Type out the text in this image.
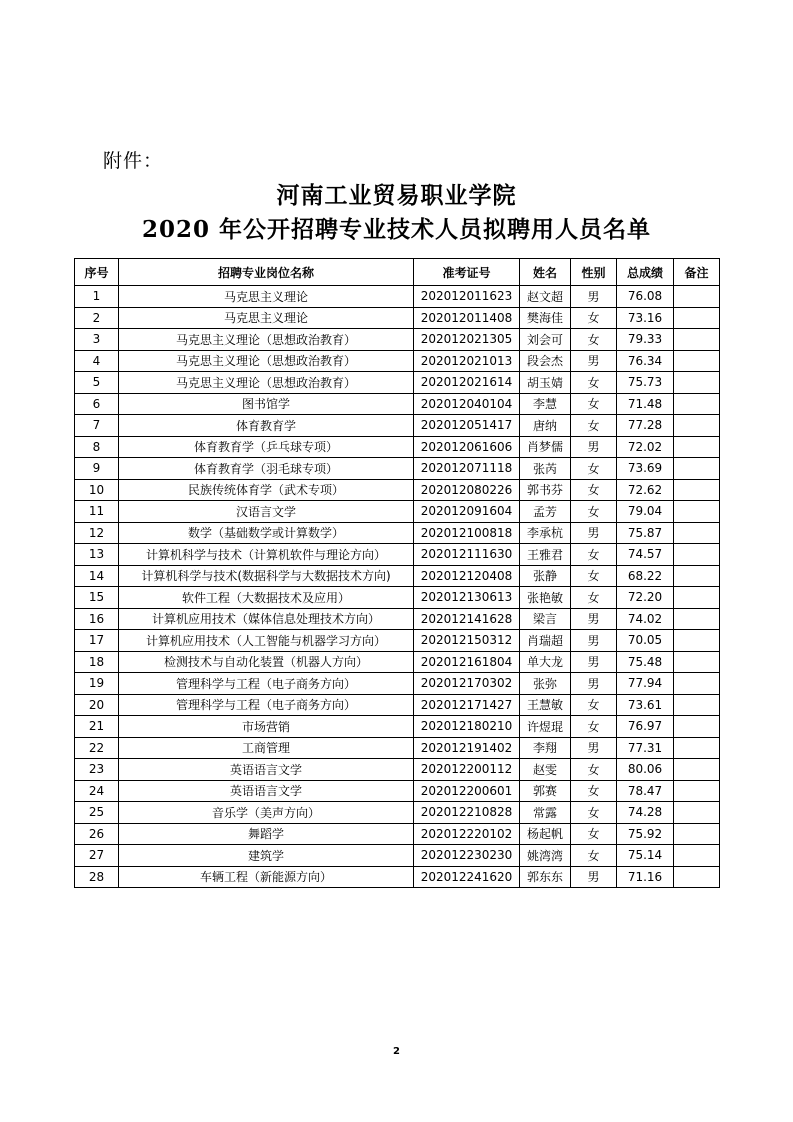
附件：
河南工业贸易职业学院
2020 年公开招聘专业技术人员拟聘用人员名单
序号	招聘专业岗位名称	准考证号	姓名	性别	总成绩	备注
1	马克思主义理论	202012011623	赵文超	男	76.08	
2	马克思主义理论	202012011408	樊海佳	女	73.16	
3	马克思主义理论（思想政治教育）	202012021305	刘会可	女	79.33	
4	马克思主义理论（思想政治教育）	202012021013	段会杰	男	76.34	
5	马克思主义理论（思想政治教育）	202012021614	胡玉婧	女	75.73	
6	图书馆学	202012040104	李慧	女	71.48	
7	体育教育学	202012051417	唐纳	女	77.28	
8	体育教育学（乒乓球专项）	202012061606	肖梦儒	男	72.02	
9	体育教育学（羽毛球专项）	202012071118	张芮	女	73.69	
10	民族传统体育学（武术专项）	202012080226	郭书芬	女	72.62	
11	汉语言文学	202012091604	孟芳	女	79.04	
12	数学（基础数学或计算数学）	202012100818	李承杭	男	75.87	
13	计算机科学与技术（计算机软件与理论方向）	202012111630	王雅君	女	74.57	
14	计算机科学与技术(数据科学与大数据技术方向)	202012120408	张静	女	68.22	
15	软件工程（大数据技术及应用）	202012130613	张艳敏	女	72.20	
16	计算机应用技术（媒体信息处理技术方向）	202012141628	梁言	男	74.02	
17	计算机应用技术（人工智能与机器学习方向）	202012150312	肖瑞超	男	70.05	
18	检测技术与自动化装置（机器人方向）	202012161804	单大龙	男	75.48	
19	管理科学与工程（电子商务方向）	202012170302	张弥	男	77.94	
20	管理科学与工程（电子商务方向）	202012171427	王慧敏	女	73.61	
21	市场营销	202012180210	许煜琨	女	76.97	
22	工商管理	202012191402	李翔	男	77.31	
23	英语语言文学	202012200112	赵雯	女	80.06	
24	英语语言文学	202012200601	郭赛	女	78.47	
25	音乐学（美声方向）	202012210828	常露	女	74.28	
26	舞蹈学	202012220102	杨起帆	女	75.92	
27	建筑学	202012230230	姚湾湾	女	75.14	
28	车辆工程（新能源方向）	202012241620	郭东东	男	71.16	
2
